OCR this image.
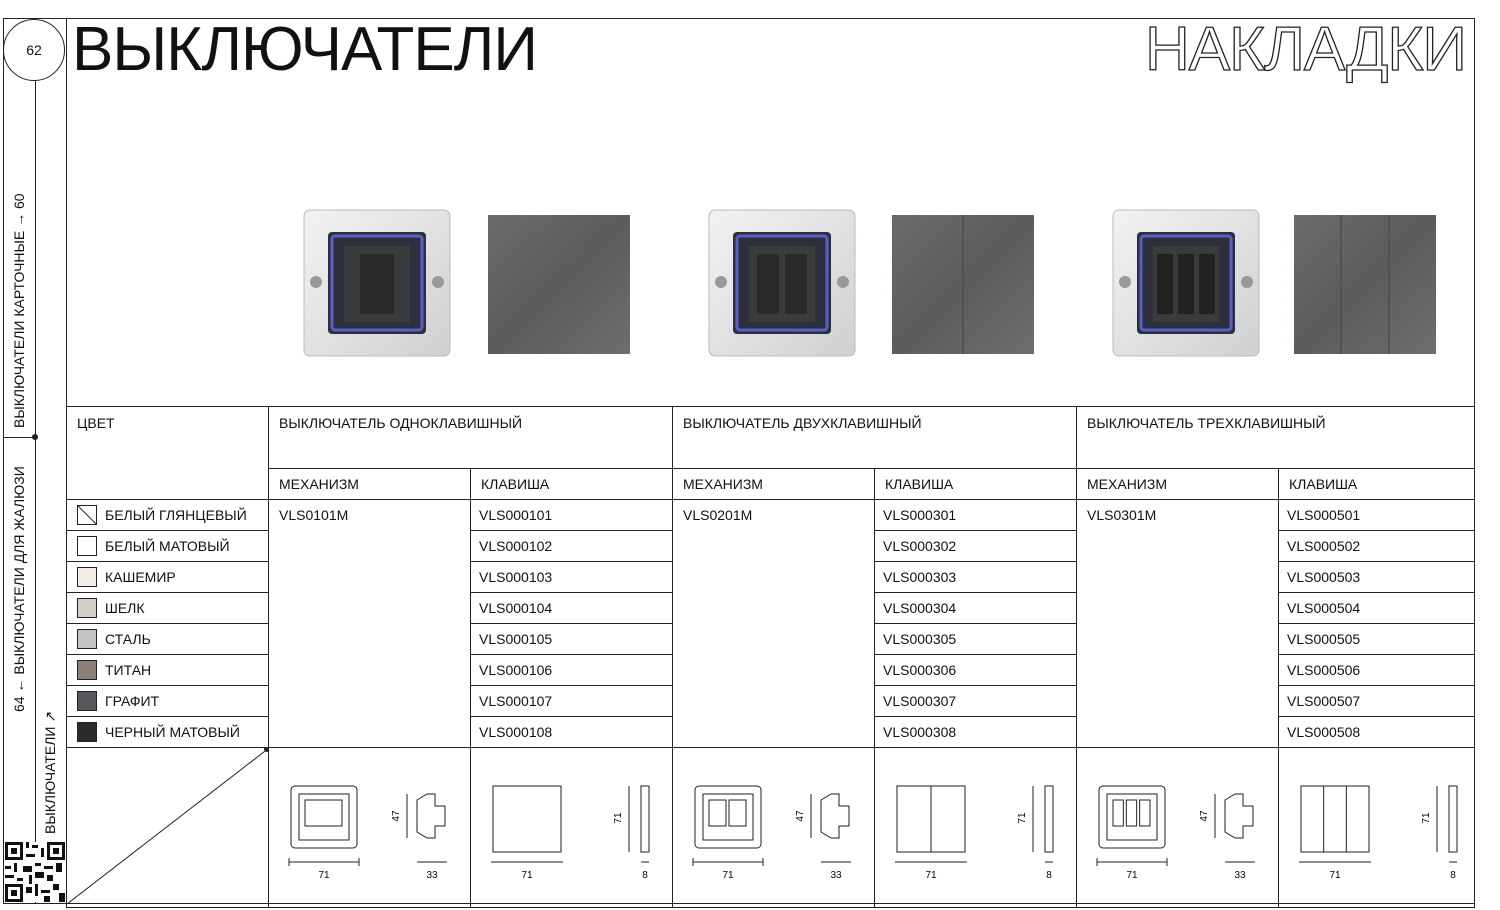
62 ВЫКЛЮЧАТЕЛИ	НАКЛАДКИ
ВЫКЛЮЧАТЕЛИ КАРТОЧНЫЕ → 60
64 ← ВЫКЛЮЧАТЕЛИ ДЛЯ ЖАЛЮЗИ
ВЫКЛЮЧАТЕЛИ ↗
ЦВЕТ	ВЫКЛЮЧАТЕЛЬ ОДНОКЛАВИШНЫЙ		ВЫКЛЮЧАТЕЛЬ ДВУХКЛАВИШНЫЙ		ВЫКЛЮЧАТЕЛЬ ТРЕХКЛАВИШНЫЙ	
	МЕХАНИЗМ	КЛАВИША	МЕХАНИЗМ	КЛАВИША	МЕХАНИЗМ	КЛАВИША

БЕЛЫЙ ГЛЯНЦЕВЫЙ	VLS0101M	VLS000101	VLS0201M	VLS000301	VLS0301M	VLS000501

БЕЛЫЙ МАТОВЫЙ		VLS000102		VLS000302		VLS000502

КАШЕМИР		VLS000103		VLS000303		VLS000503

ШЕЛК		VLS000104		VLS000304		VLS000504

СТАЛЬ		VLS000105		VLS000305		VLS000505

ТИТАН		VLS000106		VLS000306		VLS000506

ГРАФИТ		VLS000107		VLS000307		VLS000507

ЧЕРНЫЙ МАТОВЫЙ		VLS000108		VLS000308		VLS000508

71
47
33	71
71
8	71
47
33	71
71
8	71
47
33	71
71
8
